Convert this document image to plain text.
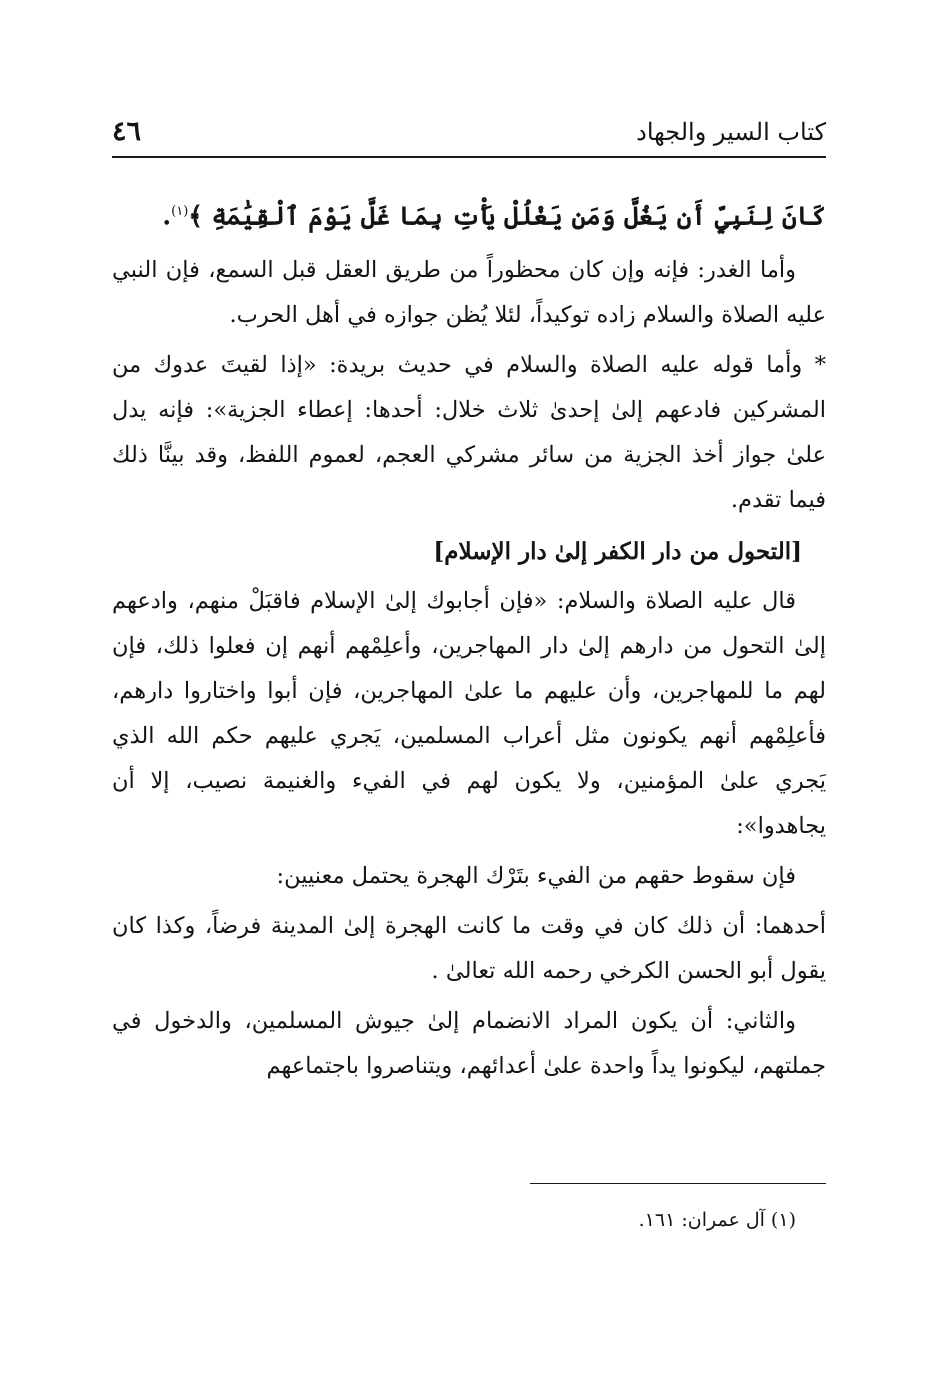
كتاب السير والجهاد
٤٦

كَانَ لِنَبِيٍّ أَن يَغُلَّ وَمَن يَغْلُلْ يَأْتِ بِمَا غَلَّ يَوْمَ ٱلْقِيَٰمَةِ ﴾$^{(١)}$.

وأما الغدر: فإنه وإن كان محظوراً من طريق العقل قبل السمع، فإن النبي عليه الصلاة والسلام زاده توكيداً، لئلا يُظن جوازه في أهل الحرب.

* وأما قوله عليه الصلاة والسلام في حديث بريدة: «إذا لقيتَ عدوك من المشركين فادعهم إلىٰ إحدىٰ ثلاث خلال: أحدها: إعطاء الجزية»: فإنه يدل علىٰ جواز أخذ الجزية من سائر مشركي العجم، لعموم اللفظ، وقد بينَّا ذلك فيما تقدم.

[التحول من دار الكفر إلىٰ دار الإسلام]

قال عليه الصلاة والسلام: «فإن أجابوك إلىٰ الإسلام فاقبَلْ منهم، وادعهم إلىٰ التحول من دارهم إلىٰ دار المهاجرين، وأعلِمْهم أنهم إن فعلوا ذلك، فإن لهم ما للمهاجرين، وأن عليهم ما علىٰ المهاجرين، فإن أبوا واختاروا دارهم، فأعلِمْهم أنهم يكونون مثل أعراب المسلمين، يَجري عليهم حكم الله الذي يَجري علىٰ المؤمنين، ولا يكون لهم في الفيء والغنيمة نصيب، إلا أن يجاهدوا»:

فإن سقوط حقهم من الفيء بتَرْك الهجرة يحتمل معنيين:

أحدهما: أن ذلك كان في وقت ما كانت الهجرة إلىٰ المدينة فرضاً، وكذا كان يقول أبو الحسن الكرخي رحمه الله تعالىٰ .

والثاني: أن يكون المراد الانضمام إلىٰ جيوش المسلمين، والدخول في جملتهم، ليكونوا يداً واحدة علىٰ أعدائهم، ويتناصروا باجتماعهم

(١) آل عمران: ١٦١.
